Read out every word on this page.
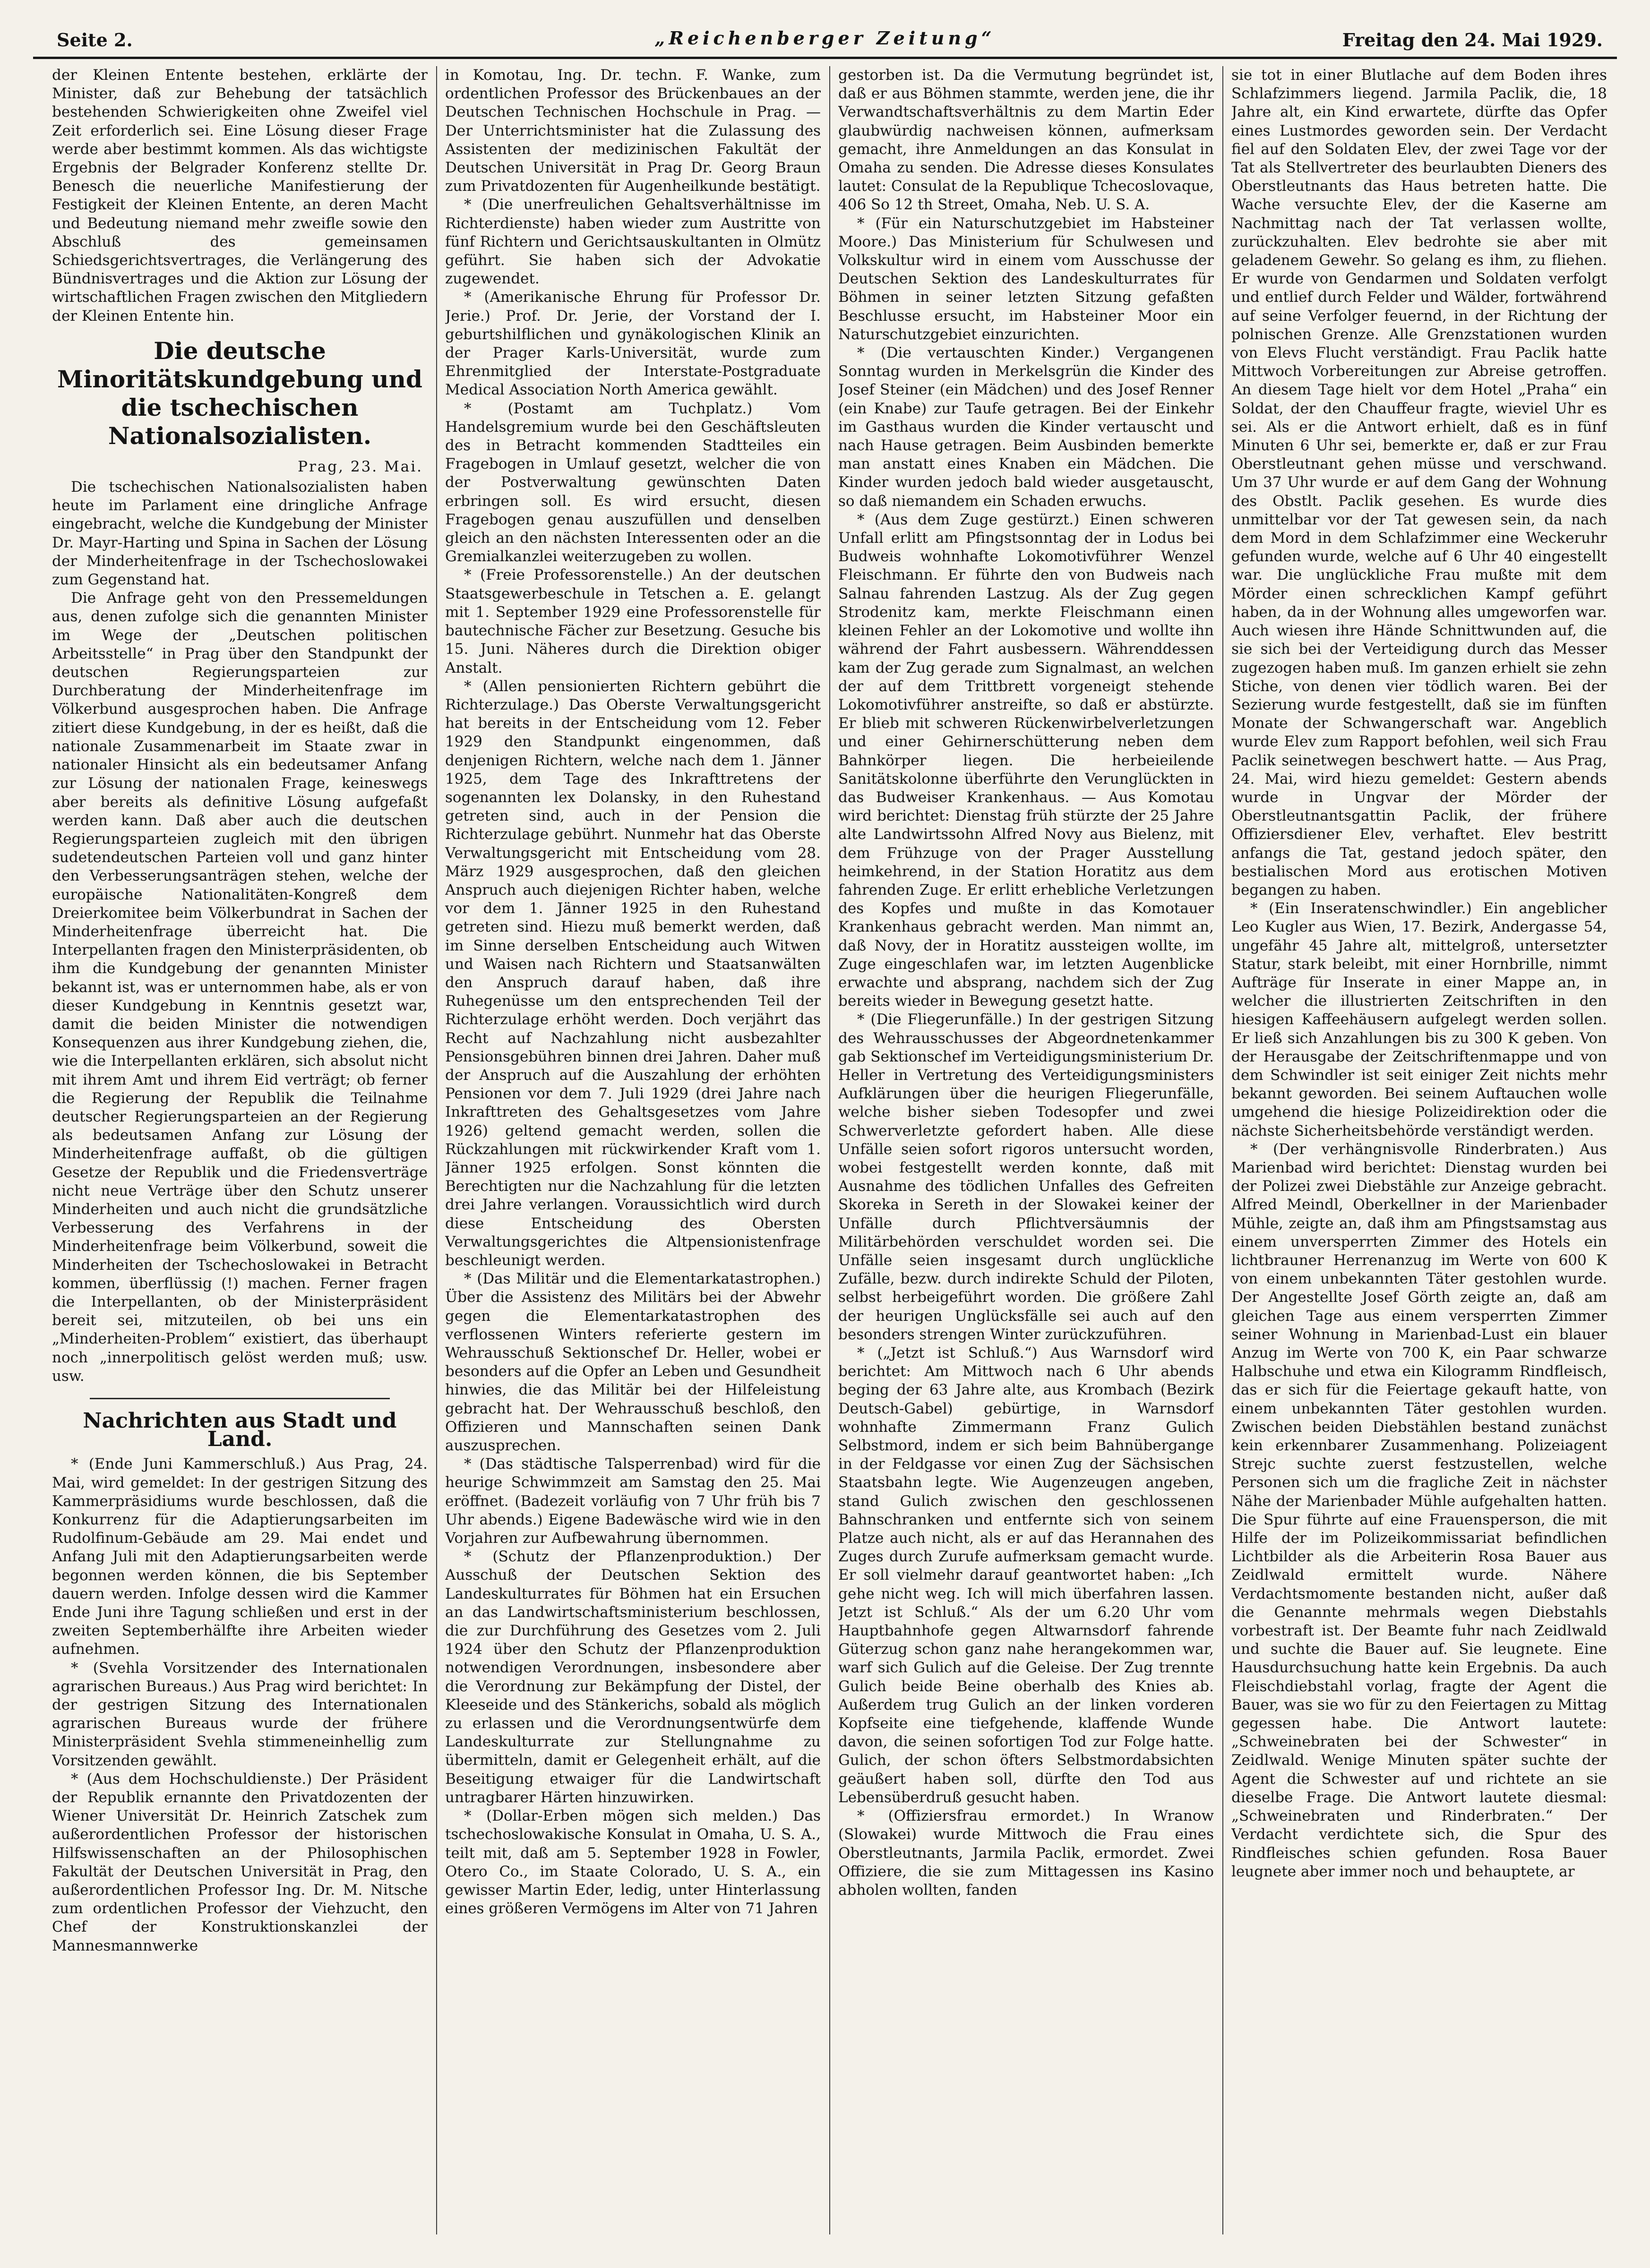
Seite 2.	„Reichenberger Zeitung“	Freitag den 24. Mai 1929.

der Kleinen Entente bestehen, erklärte der Minister, daß zur Behebung der tatsächlich bestehenden Schwierigkeiten ohne Zweifel viel Zeit erforderlich sei. Eine Lösung dieser Frage werde aber bestimmt kommen. Als das wichtigste Ergebnis der Belgrader Konferenz stellte Dr. Benesch die neuerliche Manifestierung der Festigkeit der Kleinen Entente, an deren Macht und Bedeutung niemand mehr zweifle sowie den Abschluß des gemeinsamen Schiedsgerichtsvertrages, die Verlängerung des Bündnisvertrages und die Aktion zur Lösung der wirtschaftlichen Fragen zwischen den Mitgliedern der Kleinen Entente hin.

Die deutsche Minoritätskundgebung und die tschechischen Nationalsozialisten.
Prag, 23. Mai.

Die tschechischen Nationalsozialisten haben heute im Parlament eine dringliche Anfrage eingebracht, welche die Kundgebung der Minister Dr. Mayr-Harting und Spina in Sachen der Lösung der Minderheitenfrage in der Tschechoslowakei zum Gegenstand hat.

Die Anfrage geht von den Pressemeldungen aus, denen zufolge sich die genannten Minister im Wege der „Deutschen politischen Arbeitsstelle“ in Prag über den Standpunkt der deutschen Regierungsparteien zur Durchberatung der Minderheitenfrage im Völkerbund ausgesprochen haben. Die Anfrage zitiert diese Kundgebung, in der es heißt, daß die nationale Zusammenarbeit im Staate zwar in nationaler Hinsicht als ein bedeutsamer Anfang zur Lösung der nationalen Frage, keineswegs aber bereits als definitive Lösung aufgefaßt werden kann. Daß aber auch die deutschen Regierungsparteien zugleich mit den übrigen sudetendeutschen Parteien voll und ganz hinter den Verbesserungsanträgen stehen, welche der europäische Nationalitäten-Kongreß dem Dreierkomitee beim Völkerbundrat in Sachen der Minderheitenfrage überreicht hat. Die Interpellanten fragen den Ministerpräsidenten, ob ihm die Kundgebung der genannten Minister bekannt ist, was er unternommen habe, als er von dieser Kundgebung in Kenntnis gesetzt war, damit die beiden Minister die notwendigen Konsequenzen aus ihrer Kundgebung ziehen, die, wie die Interpellanten erklären, sich absolut nicht mit ihrem Amt und ihrem Eid verträgt; ob ferner die Regierung der Republik die Teilnahme deutscher Regierungsparteien an der Regierung als bedeutsamen Anfang zur Lösung der Minderheitenfrage auffaßt, ob die gültigen Gesetze der Republik und die Friedensverträge nicht neue Verträge über den Schutz unserer Minderheiten und auch nicht die grundsätzliche Verbesserung des Verfahrens in der Minderheitenfrage beim Völkerbund, soweit die Minderheiten der Tschechoslowakei in Betracht kommen, überflüssig (!) machen. Ferner fragen die Interpellanten, ob der Ministerpräsident bereit sei, mitzuteilen, ob bei uns ein „Minderheiten-Problem“ existiert, das überhaupt noch „innerpolitisch gelöst werden muß; usw. usw.

Nachrichten aus Stadt und Land.

* (Ende Juni Kammerschluß.) Aus Prag, 24. Mai, wird gemeldet: In der gestrigen Sitzung des Kammerpräsidiums wurde beschlossen, daß die Konkurrenz für die Adaptierungsarbeiten im Rudolfinum-Gebäude am 29. Mai endet und Anfang Juli mit den Adaptierungsarbeiten werde begonnen werden können, die bis September dauern werden. Infolge dessen wird die Kammer Ende Juni ihre Tagung schließen und erst in der zweiten Septemberhälfte ihre Arbeiten wieder aufnehmen.

* (Svehla Vorsitzender des Internationalen agrarischen Bureaus.) Aus Prag wird berichtet: In der gestrigen Sitzung des Internationalen agrarischen Bureaus wurde der frühere Ministerpräsident Svehla stimmeneinhellig zum Vorsitzenden gewählt.

* (Aus dem Hochschuldienste.) Der Präsident der Republik ernannte den Privatdozenten der Wiener Universität Dr. Heinrich Zatschek zum außerordentlichen Professor der historischen Hilfswissenschaften an der Philosophischen Fakultät der Deutschen Universität in Prag, den außerordentlichen Professor Ing. Dr. M. Nitsche zum ordentlichen Professor der Viehzucht, den Chef der Konstruktionskanzlei der Mannesmannwerke

in Komotau, Ing. Dr. techn. F. Wanke, zum ordentlichen Professor des Brückenbaues an der Deutschen Technischen Hochschule in Prag. — Der Unterrichtsminister hat die Zulassung des Assistenten der medizinischen Fakultät der Deutschen Universität in Prag Dr. Georg Braun zum Privatdozenten für Augenheilkunde bestätigt.

* (Die unerfreulichen Gehaltsverhältnisse im Richterdienste) haben wieder zum Austritte von fünf Richtern und Gerichtsauskultanten in Olmütz geführt. Sie haben sich der Advokatie zugewendet.

* (Amerikanische Ehrung für Professor Dr. Jerie.) Prof. Dr. Jerie, der Vorstand der I. geburtshilflichen und gynäkologischen Klinik an der Prager Karls-Universität, wurde zum Ehrenmitglied der Interstate-Postgraduate Medical Association North America gewählt.

* (Postamt am Tuchplatz.) Vom Handelsgremium wurde bei den Geschäftsleuten des in Betracht kommenden Stadtteiles ein Fragebogen in Umlauf gesetzt, welcher die von der Postverwaltung gewünschten Daten erbringen soll. Es wird ersucht, diesen Fragebogen genau auszufüllen und denselben gleich an den nächsten Interessenten oder an die Gremialkanzlei weiterzugeben zu wollen.

* (Freie Professorenstelle.) An der deutschen Staatsgewerbeschule in Tetschen a. E. gelangt mit 1. September 1929 eine Professorenstelle für bautechnische Fächer zur Besetzung. Gesuche bis 15. Juni. Näheres durch die Direktion obiger Anstalt.

* (Allen pensionierten Richtern gebührt die Richterzulage.) Das Oberste Verwaltungsgericht hat bereits in der Entscheidung vom 12. Feber 1929 den Standpunkt eingenommen, daß denjenigen Richtern, welche nach dem 1. Jänner 1925, dem Tage des Inkrafttretens der sogenannten lex Dolansky, in den Ruhestand getreten sind, auch in der Pension die Richterzulage gebührt. Nunmehr hat das Oberste Verwaltungsgericht mit Entscheidung vom 28. März 1929 ausgesprochen, daß den gleichen Anspruch auch diejenigen Richter haben, welche vor dem 1. Jänner 1925 in den Ruhestand getreten sind. Hiezu muß bemerkt werden, daß im Sinne derselben Entscheidung auch Witwen und Waisen nach Richtern und Staatsanwälten den Anspruch darauf haben, daß ihre Ruhegenüsse um den entsprechenden Teil der Richterzulage erhöht werden. Doch verjährt das Recht auf Nachzahlung nicht ausbezahlter Pensionsgebühren binnen drei Jahren. Daher muß der Anspruch auf die Auszahlung der erhöhten Pensionen vor dem 7. Juli 1929 (drei Jahre nach Inkrafttreten des Gehaltsgesetzes vom Jahre 1926) geltend gemacht werden, sollen die Rückzahlungen mit rückwirkender Kraft vom 1. Jänner 1925 erfolgen. Sonst könnten die Berechtigten nur die Nachzahlung für die letzten drei Jahre verlangen. Voraussichtlich wird durch diese Entscheidung des Obersten Verwaltungsgerichtes die Altpensionistenfrage beschleunigt werden.

* (Das Militär und die Elementarkatastrophen.) Über die Assistenz des Militärs bei der Abwehr gegen die Elementarkatastrophen des verflossenen Winters referierte gestern im Wehrausschuß Sektionschef Dr. Heller, wobei er besonders auf die Opfer an Leben und Gesundheit hinwies, die das Militär bei der Hilfeleistung gebracht hat. Der Wehrausschuß beschloß, den Offizieren und Mannschaften seinen Dank auszusprechen.

* (Das städtische Talsperrenbad) wird für die heurige Schwimmzeit am Samstag den 25. Mai eröffnet. (Badezeit vorläufig von 7 Uhr früh bis 7 Uhr abends.) Eigene Badewäsche wird wie in den Vorjahren zur Aufbewahrung übernommen.

* (Schutz der Pflanzenproduktion.) Der Ausschuß der Deutschen Sektion des Landeskulturrates für Böhmen hat ein Ersuchen an das Landwirtschaftsministerium beschlossen, die zur Durchführung des Gesetzes vom 2. Juli 1924 über den Schutz der Pflanzenproduktion notwendigen Verordnungen, insbesondere aber die Verordnung zur Bekämpfung der Distel, der Kleeseide und des Stänkerichs, sobald als möglich zu erlassen und die Verordnungsentwürfe dem Landeskulturrate zur Stellungnahme zu übermitteln, damit er Gelegenheit erhält, auf die Beseitigung etwaiger für die Landwirtschaft untragbarer Härten hinzuwirken.

* (Dollar-Erben mögen sich melden.) Das tschechoslowakische Konsulat in Omaha, U. S. A., teilt mit, daß am 5. September 1928 in Fowler, Otero Co., im Staate Colorado, U. S. A., ein gewisser Martin Eder, ledig, unter Hinterlassung eines größeren Vermögens im Alter von 71 Jahren

gestorben ist. Da die Vermutung begründet ist, daß er aus Böhmen stammte, werden jene, die ihr Verwandtschaftsverhältnis zu dem Martin Eder glaubwürdig nachweisen können, aufmerksam gemacht, ihre Anmeldungen an das Konsulat in Omaha zu senden. Die Adresse dieses Konsulates lautet: Consulat de la Republique Tchecoslovaque, 406 So 12 th Street, Omaha, Neb. U. S. A.

* (Für ein Naturschutzgebiet im Habsteiner Moore.) Das Ministerium für Schulwesen und Volkskultur wird in einem vom Ausschusse der Deutschen Sektion des Landeskulturrates für Böhmen in seiner letzten Sitzung gefaßten Beschlusse ersucht, im Habsteiner Moor ein Naturschutzgebiet einzurichten.

* (Die vertauschten Kinder.) Vergangenen Sonntag wurden in Merkelsgrün die Kinder des Josef Steiner (ein Mädchen) und des Josef Renner (ein Knabe) zur Taufe getragen. Bei der Einkehr im Gasthaus wurden die Kinder vertauscht und nach Hause getragen. Beim Ausbinden bemerkte man anstatt eines Knaben ein Mädchen. Die Kinder wurden jedoch bald wieder ausgetauscht, so daß niemandem ein Schaden erwuchs.

* (Aus dem Zuge gestürzt.) Einen schweren Unfall erlitt am Pfingstsonntag der in Lodus bei Budweis wohnhafte Lokomotivführer Wenzel Fleischmann. Er führte den von Budweis nach Salnau fahrenden Lastzug. Als der Zug gegen Strodenitz kam, merkte Fleischmann einen kleinen Fehler an der Lokomotive und wollte ihn während der Fahrt ausbessern. Währenddessen kam der Zug gerade zum Signalmast, an welchen der auf dem Trittbrett vorgeneigt stehende Lokomotivführer anstreifte, so daß er abstürzte. Er blieb mit schweren Rückenwirbelverletzungen und einer Gehirnerschütterung neben dem Bahnkörper liegen. Die herbeieilende Sanitätskolonne überführte den Verunglückten in das Budweiser Krankenhaus. — Aus Komotau wird berichtet: Dienstag früh stürzte der 25 Jahre alte Landwirtssohn Alfred Novy aus Bielenz, mit dem Frühzuge von der Prager Ausstellung heimkehrend, in der Station Horatitz aus dem fahrenden Zuge. Er erlitt erhebliche Verletzungen des Kopfes und mußte in das Komotauer Krankenhaus gebracht werden. Man nimmt an, daß Novy, der in Horatitz aussteigen wollte, im Zuge eingeschlafen war, im letzten Augenblicke erwachte und absprang, nachdem sich der Zug bereits wieder in Bewegung gesetzt hatte.

* (Die Fliegerunfälle.) In der gestrigen Sitzung des Wehrausschusses der Abgeordnetenkammer gab Sektionschef im Verteidigungsministerium Dr. Heller in Vertretung des Verteidigungsministers Aufklärungen über die heurigen Fliegerunfälle, welche bisher sieben Todesopfer und zwei Schwerverletzte gefordert haben. Alle diese Unfälle seien sofort rigoros untersucht worden, wobei festgestellt werden konnte, daß mit Ausnahme des tödlichen Unfalles des Gefreiten Skoreka in Sereth in der Slowakei keiner der Unfälle durch Pflichtversäumnis der Militärbehörden verschuldet worden sei. Die Unfälle seien insgesamt durch unglückliche Zufälle, bezw. durch indirekte Schuld der Piloten, selbst herbeigeführt worden. Die größere Zahl der heurigen Unglücksfälle sei auch auf den besonders strengen Winter zurückzuführen.

* („Jetzt ist Schluß.“) Aus Warnsdorf wird berichtet: Am Mittwoch nach 6 Uhr abends beging der 63 Jahre alte, aus Krombach (Bezirk Deutsch-Gabel) gebürtige, in Warnsdorf wohnhafte Zimmermann Franz Gulich Selbstmord, indem er sich beim Bahnübergange in der Feldgasse vor einen Zug der Sächsischen Staatsbahn legte. Wie Augenzeugen angeben, stand Gulich zwischen den geschlossenen Bahnschranken und entfernte sich von seinem Platze auch nicht, als er auf das Herannahen des Zuges durch Zurufe aufmerksam gemacht wurde. Er soll vielmehr darauf geantwortet haben: „Ich gehe nicht weg. Ich will mich überfahren lassen. Jetzt ist Schluß.“ Als der um 6.20 Uhr vom Hauptbahnhofe gegen Altwarnsdorf fahrende Güterzug schon ganz nahe herangekommen war, warf sich Gulich auf die Geleise. Der Zug trennte Gulich beide Beine oberhalb des Knies ab. Außerdem trug Gulich an der linken vorderen Kopfseite eine tiefgehende, klaffende Wunde davon, die seinen sofortigen Tod zur Folge hatte. Gulich, der schon öfters Selbstmordabsichten geäußert haben soll, dürfte den Tod aus Lebensüberdruß gesucht haben.

* (Offiziersfrau ermordet.) In Wranow (Slowakei) wurde Mittwoch die Frau eines Oberstleutnants, Jarmila Paclik, ermordet. Zwei Offiziere, die sie zum Mittagessen ins Kasino abholen wollten, fanden

sie tot in einer Blutlache auf dem Boden ihres Schlafzimmers liegend. Jarmila Paclik, die, 18 Jahre alt, ein Kind erwartete, dürfte das Opfer eines Lustmordes geworden sein. Der Verdacht fiel auf den Soldaten Elev, der zwei Tage vor der Tat als Stellvertreter des beurlaubten Dieners des Oberstleutnants das Haus betreten hatte. Die Wache versuchte Elev, der die Kaserne am Nachmittag nach der Tat verlassen wollte, zurückzuhalten. Elev bedrohte sie aber mit geladenem Gewehr. So gelang es ihm, zu fliehen. Er wurde von Gendarmen und Soldaten verfolgt und entlief durch Felder und Wälder, fortwährend auf seine Verfolger feuernd, in der Richtung der polnischen Grenze. Alle Grenzstationen wurden von Elevs Flucht verständigt. Frau Paclik hatte Mittwoch Vorbereitungen zur Abreise getroffen. An diesem Tage hielt vor dem Hotel „Praha“ ein Soldat, der den Chauffeur fragte, wieviel Uhr es sei. Als er die Antwort erhielt, daß es in fünf Minuten 6 Uhr sei, bemerkte er, daß er zur Frau Oberstleutnant gehen müsse und verschwand. Um 37 Uhr wurde er auf dem Gang der Wohnung des Obstlt. Paclik gesehen. Es wurde dies unmittelbar vor der Tat gewesen sein, da nach dem Mord in dem Schlafzimmer eine Weckeruhr gefunden wurde, welche auf 6 Uhr 40 eingestellt war. Die unglückliche Frau mußte mit dem Mörder einen schrecklichen Kampf geführt haben, da in der Wohnung alles umgeworfen war. Auch wiesen ihre Hände Schnittwunden auf, die sie sich bei der Verteidigung durch das Messer zugezogen haben muß. Im ganzen erhielt sie zehn Stiche, von denen vier tödlich waren. Bei der Sezierung wurde festgestellt, daß sie im fünften Monate der Schwangerschaft war. Angeblich wurde Elev zum Rapport befohlen, weil sich Frau Paclik seinetwegen beschwert hatte. — Aus Prag, 24. Mai, wird hiezu gemeldet: Gestern abends wurde in Ungvar der Mörder der Oberstleutnantsgattin Paclik, der frühere Offiziersdiener Elev, verhaftet. Elev bestritt anfangs die Tat, gestand jedoch später, den bestialischen Mord aus erotischen Motiven begangen zu haben.

* (Ein Inseratenschwindler.) Ein angeblicher Leo Kugler aus Wien, 17. Bezirk, Andergasse 54, ungefähr 45 Jahre alt, mittelgroß, untersetzter Statur, stark beleibt, mit einer Hornbrille, nimmt Aufträge für Inserate in einer Mappe an, in welcher die illustrierten Zeitschriften in den hiesigen Kaffeehäusern aufgelegt werden sollen. Er ließ sich Anzahlungen bis zu 300 K geben. Von der Herausgabe der Zeitschriftenmappe und von dem Schwindler ist seit einiger Zeit nichts mehr bekannt geworden. Bei seinem Auftauchen wolle umgehend die hiesige Polizeidirektion oder die nächste Sicherheitsbehörde verständigt werden.

* (Der verhängnisvolle Rinderbraten.) Aus Marienbad wird berichtet: Dienstag wurden bei der Polizei zwei Diebstähle zur Anzeige gebracht. Alfred Meindl, Oberkellner in der Marienbader Mühle, zeigte an, daß ihm am Pfingstsamstag aus einem unversperrten Zimmer des Hotels ein lichtbrauner Herrenanzug im Werte von 600 K von einem unbekannten Täter gestohlen wurde. Der Angestellte Josef Görth zeigte an, daß am gleichen Tage aus einem versperrten Zimmer seiner Wohnung in Marienbad-Lust ein blauer Anzug im Werte von 700 K, ein Paar schwarze Halbschuhe und etwa ein Kilogramm Rindfleisch, das er sich für die Feiertage gekauft hatte, von einem unbekannten Täter gestohlen wurden. Zwischen beiden Diebstählen bestand zunächst kein erkennbarer Zusammenhang. Polizeiagent Strejc suchte zuerst festzustellen, welche Personen sich um die fragliche Zeit in nächster Nähe der Marienbader Mühle aufgehalten hatten. Die Spur führte auf eine Frauensperson, die mit Hilfe der im Polizeikommissariat befindlichen Lichtbilder als die Arbeiterin Rosa Bauer aus Zeidlwald ermittelt wurde. Nähere Verdachtsmomente bestanden nicht, außer daß die Genannte mehrmals wegen Diebstahls vorbestraft ist. Der Beamte fuhr nach Zeidlwald und suchte die Bauer auf. Sie leugnete. Eine Hausdurchsuchung hatte kein Ergebnis. Da auch Fleischdiebstahl vorlag, fragte der Agent die Bauer, was sie wo für zu den Feiertagen zu Mittag gegessen habe. Die Antwort lautete: „Schweinebraten bei der Schwester“ in Zeidlwald. Wenige Minuten später suchte der Agent die Schwester auf und richtete an sie dieselbe Frage. Die Antwort lautete diesmal: „Schweinebraten und Rinderbraten.“ Der Verdacht verdichtete sich, die Spur des Rindfleisches schien gefunden. Rosa Bauer leugnete aber immer noch und behauptete, ar
